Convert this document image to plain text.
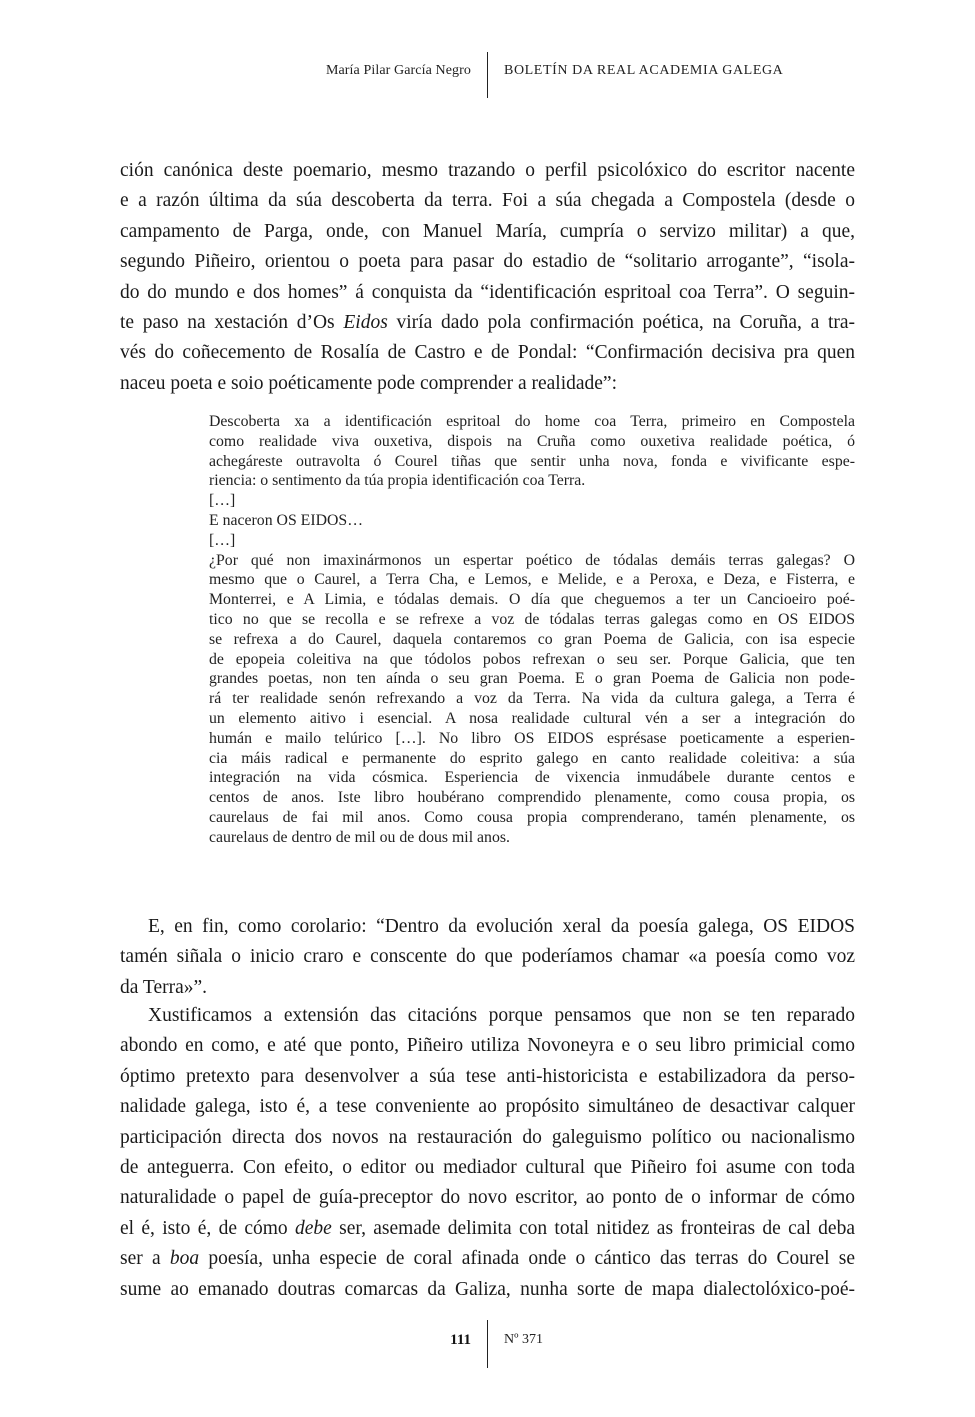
María Pilar García Negro BOLETÍN DA REAL ACADEMIA GALEGA
ción canónica deste poemario, mesmo trazando o perfil psicolóxico do escritor nacente
e a razón última da súa descoberta da terra. Foi a súa chegada a Compostela (desde o
campamento de Parga, onde, con Manuel María, cumpría o servizo militar) a que,
segundo Piñeiro, orientou o poeta para pasar do estadio de “solitario arrogante”, “isola-
do do mundo e dos homes” á conquista da “identificación espritoal coa Terra”. O seguin-
te paso na xestación d’Os Eidos viría dado pola confirmación poética, na Coruña, a tra-
vés do coñecemento de Rosalía de Castro e de Pondal: “Confirmación decisiva pra quen
naceu poeta e soio poéticamente pode comprender a realidade”:
Descoberta xa a identificación espritoal do home coa Terra, primeiro en Compostela
como realidade viva ouxetiva, dispois na Cruña como ouxetiva realidade poética, ó
achegáreste outravolta ó Courel tiñas que sentir unha nova, fonda e vivificante espe-
riencia: o sentimento da túa propia identificación coa Terra.
[…]
E naceron OS EIDOS…
[…]
¿Por qué non imaxinármonos un espertar poético de tódalas demáis terras galegas? O
mesmo que o Caurel, a Terra Cha, e Lemos, e Melide, e a Peroxa, e Deza, e Fisterra, e
Monterrei, e A Limia, e tódalas demais. O día que cheguemos a ter un Cancioeiro poé-
tico no que se recolla e se refrexe a voz de tódalas terras galegas como en OS EIDOS
se refrexa a do Caurel, daquela contaremos co gran Poema de Galicia, con isa especie
de epopeia coleitiva na que tódolos pobos refrexan o seu ser. Porque Galicia, que ten
grandes poetas, non ten aínda o seu gran Poema. E o gran Poema de Galicia non pode-
rá ter realidade senón refrexando a voz da Terra. Na vida da cultura galega, a Terra é
un elemento aitivo i esencial. A nosa realidade cultural vén a ser a integración do
humán e mailo telúrico […]. No libro OS EIDOS esprésase poeticamente a esperien-
cia máis radical e permanente do esprito galego en canto realidade coleitiva: a súa
integración na vida cósmica. Esperiencia de vixencia inmudábele durante centos e
centos de anos. Iste libro houbérano comprendido plenamente, como cousa propia, os
caurelaus de fai mil anos. Como cousa propia comprenderano, tamén plenamente, os
caurelaus de dentro de mil ou de dous mil anos.
E, en fin, como corolario: “Dentro da evolución xeral da poesía galega, OS EIDOS
tamén siñala o inicio craro e conscente do que poderíamos chamar «a poesía como voz
da Terra»”.
Xustificamos a extensión das citacións porque pensamos que non se ten reparado
abondo en como, e até que ponto, Piñeiro utiliza Novoneyra e o seu libro primicial como
óptimo pretexto para desenvolver a súa tese anti-historicista e estabilizadora da perso-
nalidade galega, isto é, a tese conveniente ao propósito simultáneo de desactivar calquer
participación directa dos novos na restauración do galeguismo político ou nacionalismo
de anteguerra. Con efeito, o editor ou mediador cultural que Piñeiro foi asume con toda
naturalidade o papel de guía-preceptor do novo escritor, ao ponto de o informar de cómo
el é, isto é, de cómo debe ser, asemade delimita con total nitidez as fronteiras de cal deba
ser a boa poesía, unha especie de coral afinada onde o cántico das terras do Courel se
sume ao emanado doutras comarcas da Galiza, nunha sorte de mapa dialectolóxico-poé-
111 Nº 371
